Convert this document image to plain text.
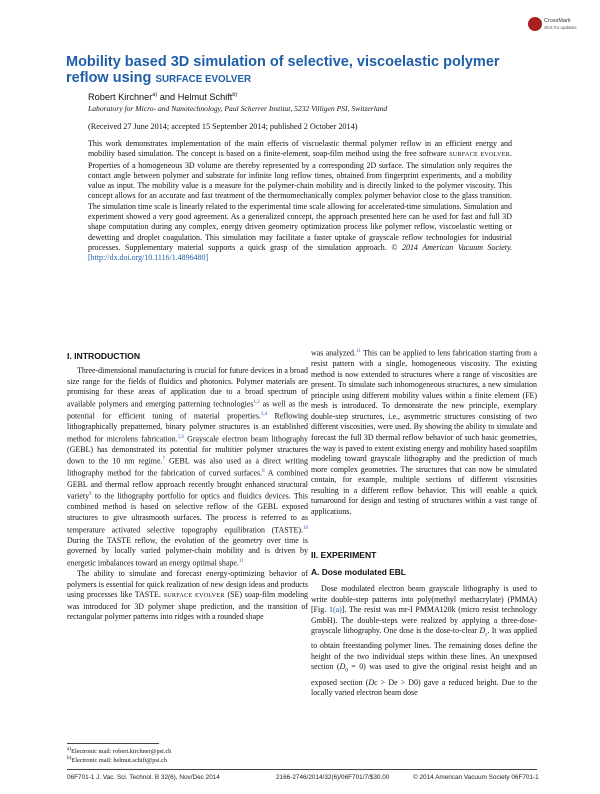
CrossMark
click for updates
Mobility based 3D simulation of selective, viscoelastic polymer reflow using SURFACE EVOLVER
Robert Kirchner$^{a)}$ and Helmut Schift$^{b)}$
Laboratory for Micro- and Nanotechnology, Paul Scherrer Institut, 5232 Villigen PSI, Switzerland
(Received 27 June 2014; accepted 15 September 2014; published 2 October 2014)

This work demonstrates implementation of the main effects of viscoelastic thermal polymer reflow in an efficient energy and mobility based simulation. The concept is based on a finite-element, soap-film method using the free software SURFACE EVOLVER. Properties of a homogeneous 3D volume are thereby represented by a corresponding 2D surface. The simulation only requires the contact angle between polymer and substrate for infinite long reflow times, obtained from fingerprint experiments, and a mobility value as input. The mobility value is a measure for the polymer-chain mobility and is directly linked to the polymer viscosity. This concept allows for an accurate and fast treatment of the thermomechanically complex polymer behavior close to the glass transition. The simulation time scale is linearly related to the experimental time scale allowing for accelerated-time simulations. Simulation and experiment showed a very good agreement. As a generalized concept, the approach presented here can be used for fast and full 3D shape computation during any complex, energy driven geometry optimization process like polymer reflow, viscoelastic wetting or dewetting and droplet coagulation. This simulation may facilitate a faster uptake of grayscale reflow technologies for industrial processes. Supplementary material supports a quick grasp of the simulation approach. © 2014 American Vacuum Society. [http://dx.doi.org/10.1116/1.4896480]

I. INTRODUCTION

Three-dimensional manufacturing is crucial for future devices in a broad size range for the fields of fluidics and photonics. Polymer materials are promising for these areas of application due to a broad spectrum of available polymers and emerging patterning technologies$^{1,2}$ as well as the potential for efficient tuning of material properties.$^{3,4}$ Reflowing lithographically prepatterned, binary polymer structures is an established method for microlens fabrication.$^{5,6}$ Grayscale electron beam lithography (GEBL) has demonstrated its potential for multitier polymer structures down to the 10 nm regime.$^7$ GEBL was also used as a direct writing lithography method for the fabrication of curved surfaces.$^8$ A combined GEBL and thermal reflow approach recently brought enhanced structural variety$^9$ to the lithography portfolio for optics and fluidics devices. This combined method is based on selective reflow of the GEBL exposed structures to give ultrasmooth surfaces. The process is referred to as temperature activated selective topography equilibration (TASTE).$^{10}$ During the TASTE reflow, the evolution of the geometry over time is governed by locally varied polymer-chain mobility and is driven by energetic imbalances toward an energy optimal shape.$^{11}$

The ability to simulate and forecast energy-optimizing behavior of polymers is essential for quick realization of new design ideas and products using processes like TASTE. SURFACE EVOLVER (SE) soap-film modeling was introduced for 3D polymer shape prediction, and the transition of rectangular polymer patterns into ridges with a rounded shape

was analyzed.$^{11}$ This can be applied to lens fabrication starting from a resist pattern with a single, homogeneous viscosity. The existing method is now extended to structures where a range of viscosities are present. To simulate such inhomogeneous structures, a new simulation principle using different mobility values within a finite element (FE) mesh is introduced. To demonstrate the new principle, exemplary double-step structures, i.e., asymmetric structures consisting of two different viscosities, were used. By showing the ability to simulate and forecast the full 3D thermal reflow behavior of such basic geometries, the way is paved to extent existing energy and mobility based soapfilm modeling toward grayscale lithography and the prediction of much more complex geometries. The structures that can now be simulated contain, for example, multiple sections of different viscosities resulting in a different reflow behavior. This will enable a quick turnaround for design and testing of structures within a vast range of applications.

II. EXPERIMENT
A. Dose modulated EBL

Dose modulated electron beam grayscale lithography is used to write double-step patterns into poly(methyl methacrylate) (PMMA) [Fig. 1(a)]. The resist was mr-I PMMA120k (micro resist technology GmbH). The double-steps were realized by applying a three-dose-grayscale lithography. One dose is the dose-to-clear $D_c$. It was applied to obtain freestanding polymer lines. The remaining doses define the height of the two individual steps within these lines. An unexposed section $(D_0 = 0)$ was used to give the original resist height and an exposed section (Dc > De > D0) gave a reduced height. Due to the locally varied electron beam dose

$^{a)}$Electronic mail: robert.kirchner@psi.ch
$^{b)}$Electronic mail: helmut.schift@psi.ch
06F701-1 J. Vac. Sci. Technol. B 32(6), Nov/Dec 2014	2166-2746/2014/32(6)/06F701/7/$30.00	© 2014 American Vacuum Society 06F701-1
